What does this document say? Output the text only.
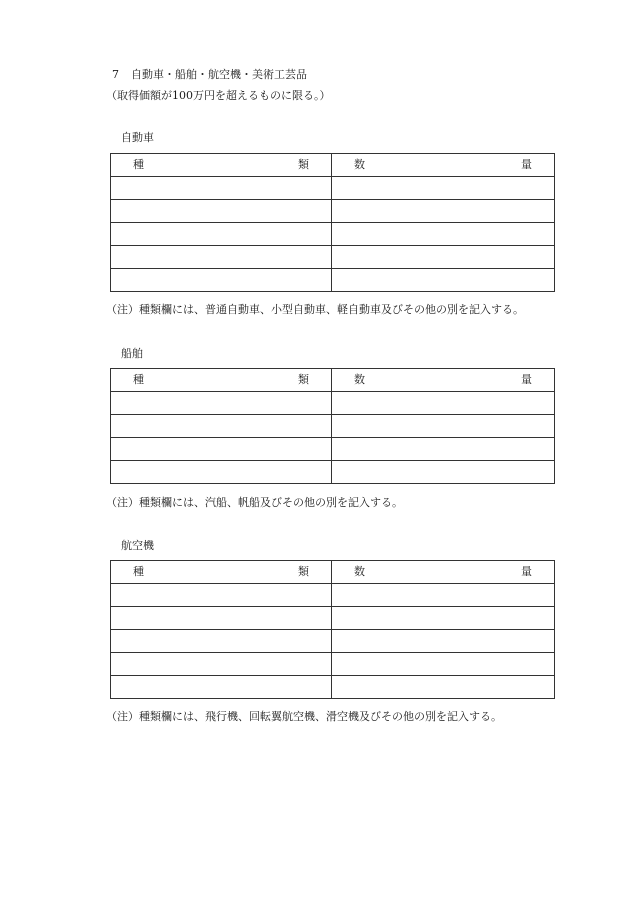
7 自動車・船舶・航空機・美術工芸品
（取得価額が100万円を超えるものに限る。）
自動車
種 類	数 量

（注）種類欄には、普通自動車、小型自動車、軽自動車及びその他の別を記入する。
船舶
種 類	数 量

（注）種類欄には、汽船、帆船及びその他の別を記入する。
航空機
種 類	数 量

（注）種類欄には、飛行機、回転翼航空機、滑空機及びその他の別を記入する。
